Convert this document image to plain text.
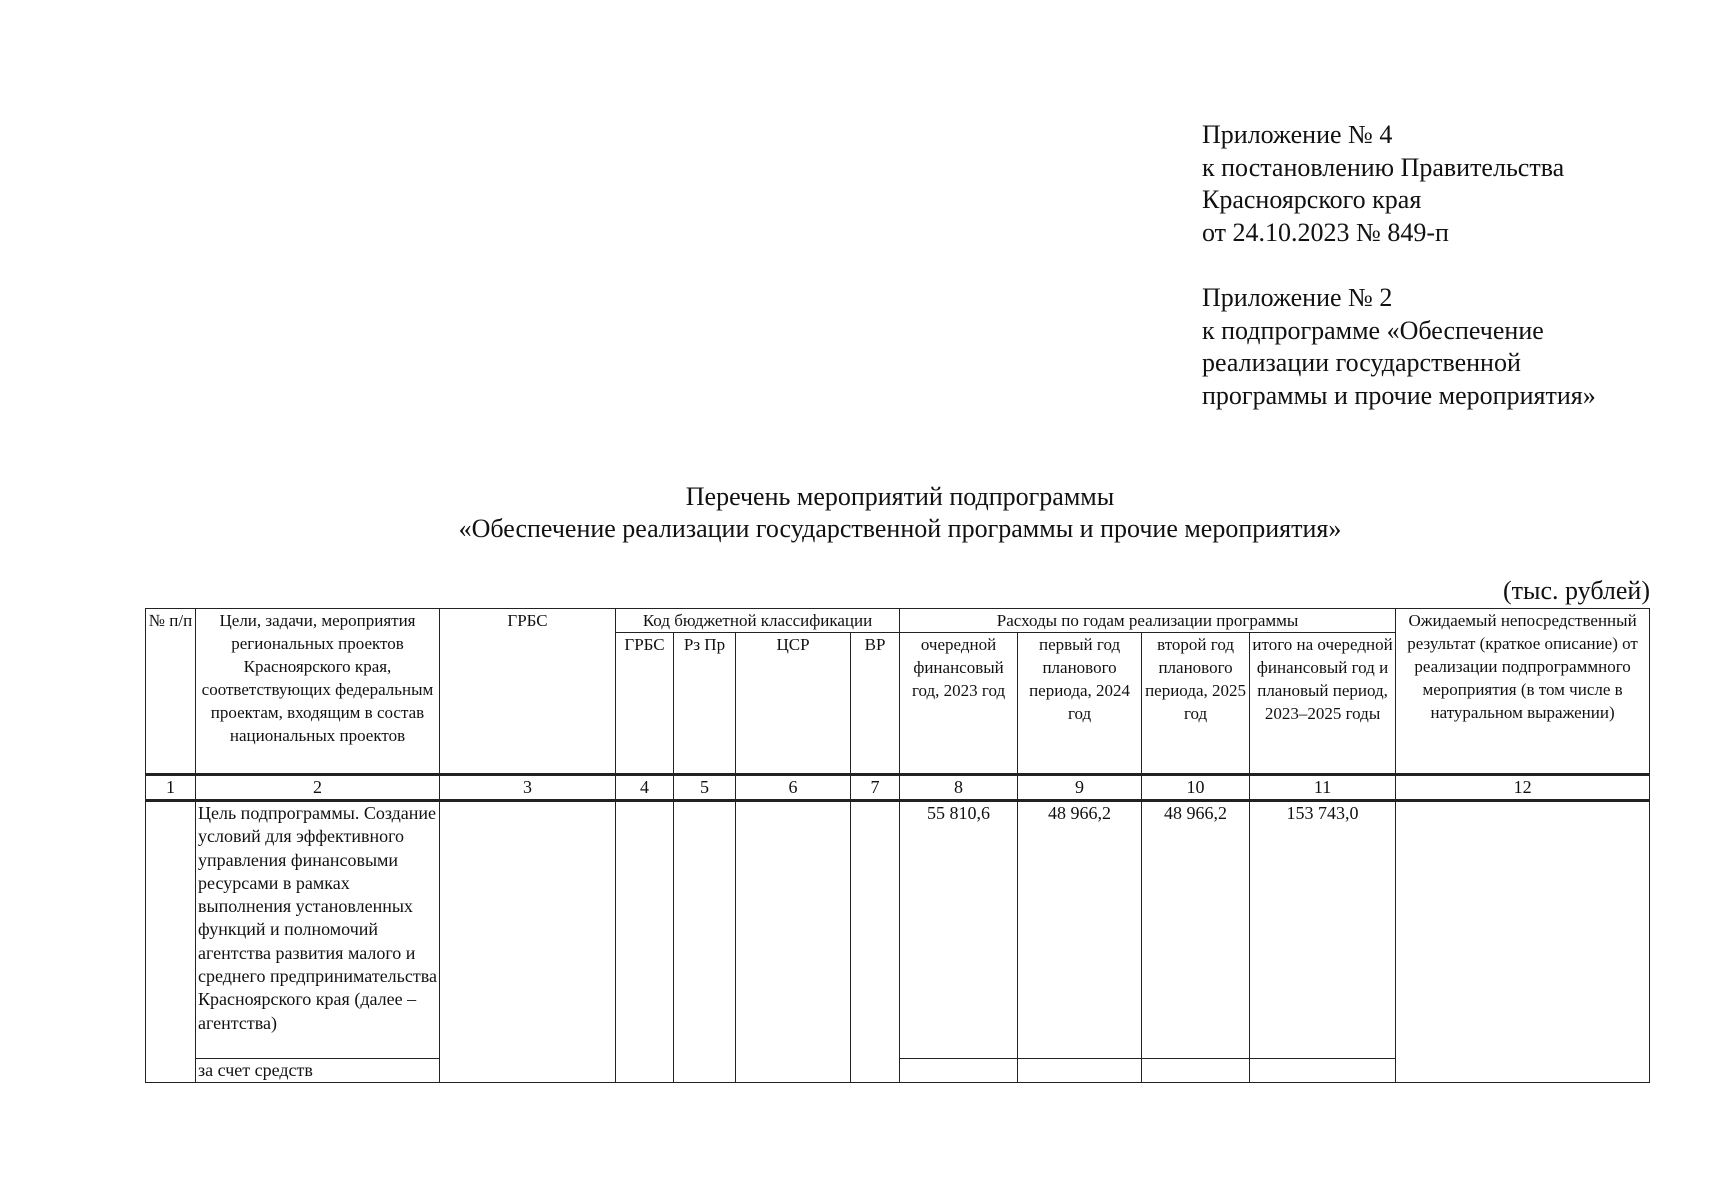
Приложение № 4
к постановлению Правительства
Красноярского края
от 24.10.2023 № 849-п
Приложение № 2
к подпрограмме «Обеспечение
реализации государственной
программы и прочие мероприятия»
Перечень мероприятий подпрограммы
«Обеспечение реализации государственной программы и прочие мероприятия»
(тыс. рублей)
№ п/п	Цели, задачи, мероприятия региональных проектов Красноярского края, соответствующих федеральным проектам, входящим в состав национальных проектов	ГРБС	Код бюджетной классификации				Расходы по годам реализации программы				Ожидаемый непосредственный результат (краткое описание) от реализации подпрограммного мероприятия (в том числе в натуральном выражении)
			ГРБС	Рз Пр	ЦСР	ВР	очередной финансовый год, 2023 год	первый год планового периода, 2024 год	второй год планового периода, 2025 год	итого на очередной финансовый год и плановый период, 2023–2025 годы	
1	2	3	4	5	6	7	8	9	10	11	12
	Цель подпрограммы. Создание условий для эффективного управления финансовыми ресурсами в рамках выполнения установленных функций и полномочий агентства развития малого и среднего предпринимательства Красноярского края (далее – агентства)						55 810,6	48 966,2	48 966,2	153 743,0	
	за счет средств										
